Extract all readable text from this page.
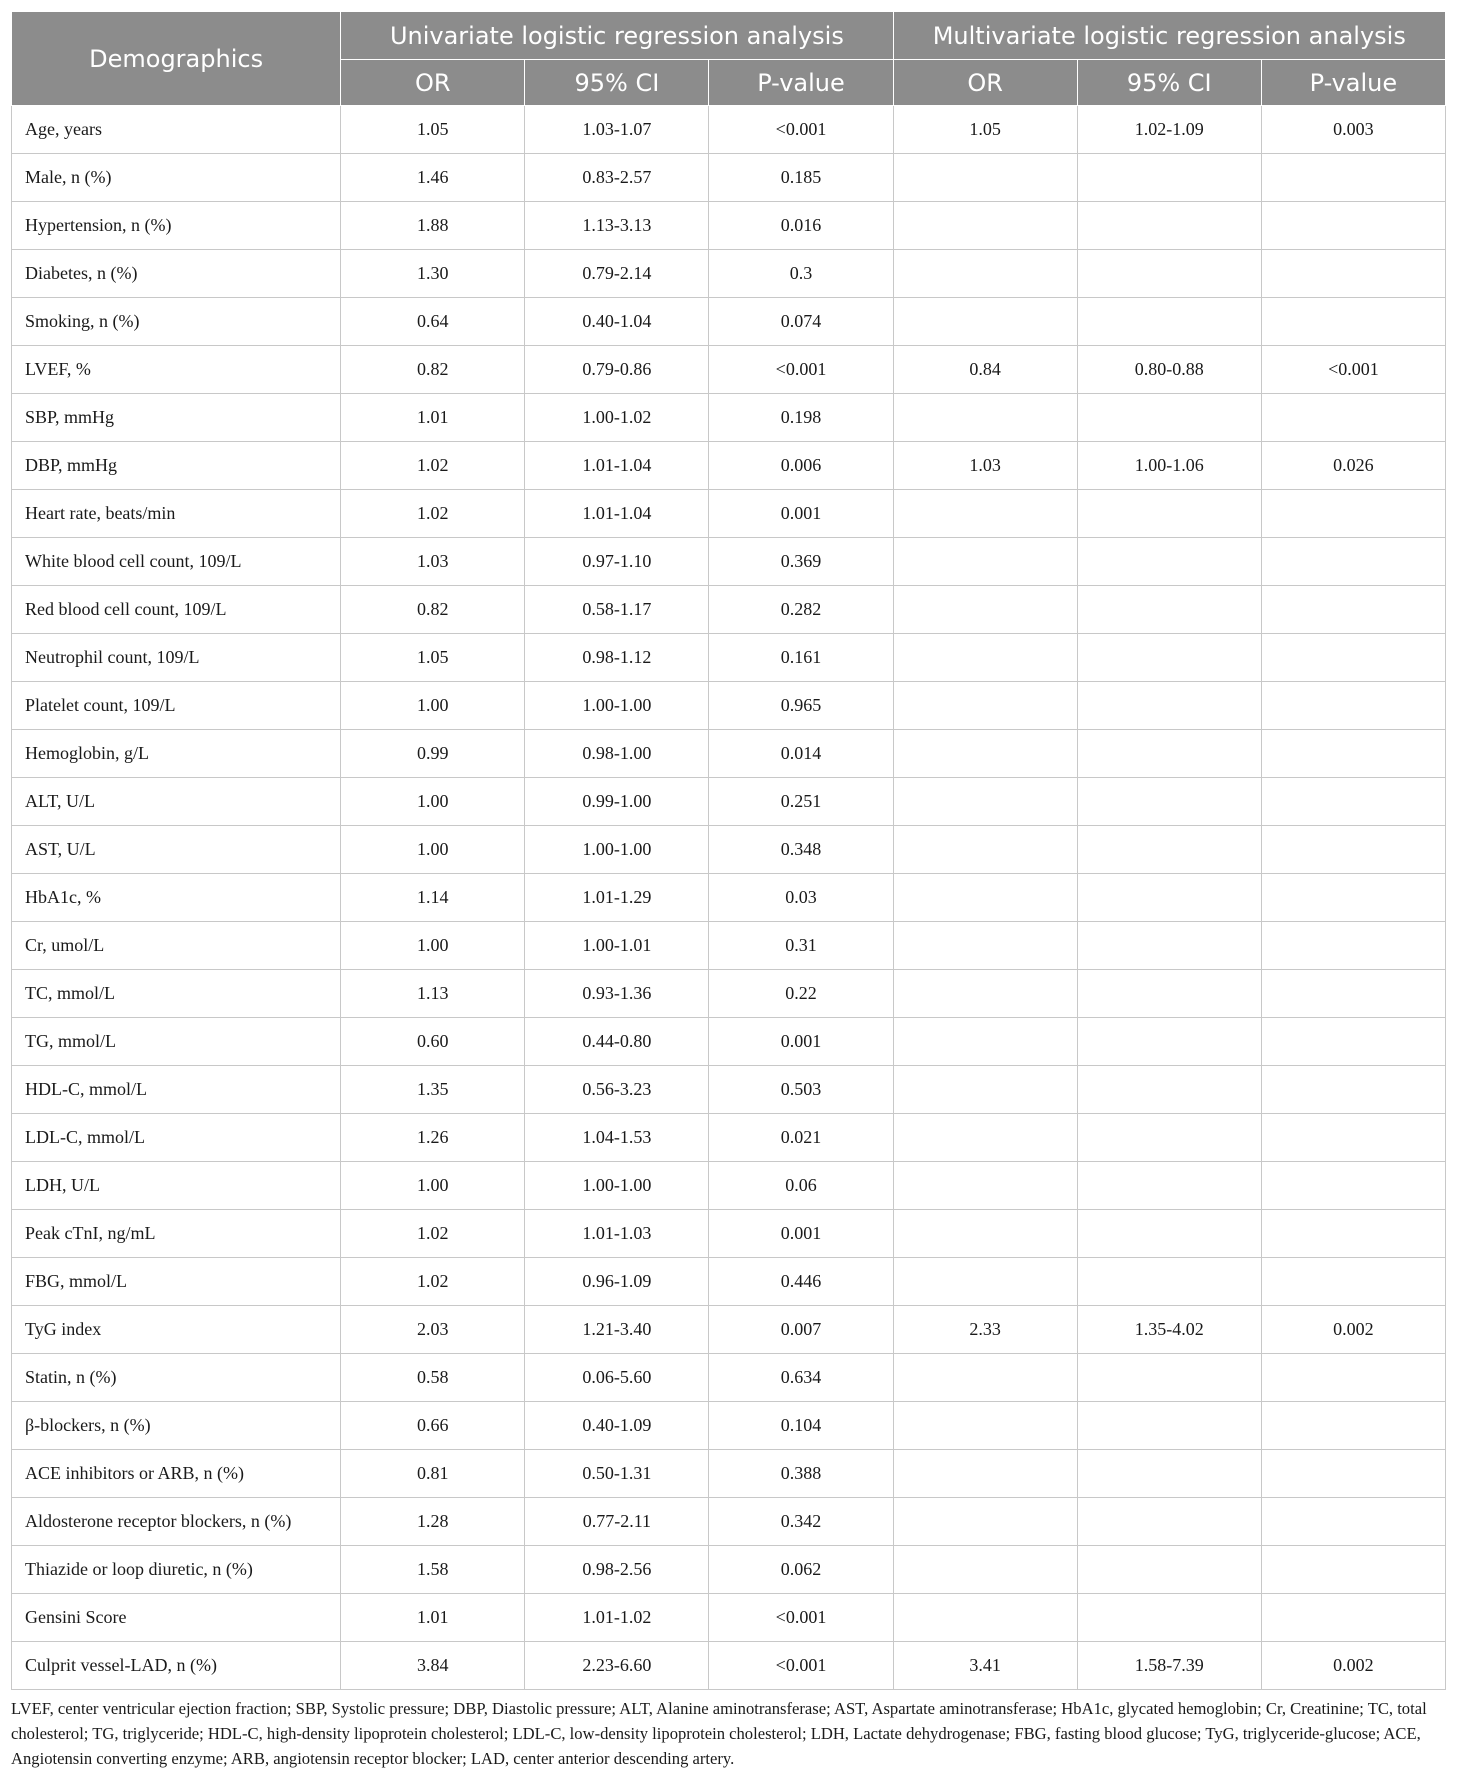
Demographics	Univariate logistic regression analysis			Multivariate logistic regression analysis		
	OR	95% CI	P-value	OR	95% CI	P-value
Age, years	1.05	1.03-1.07	<0.001	1.05	1.02-1.09	0.003
Male, n (%)	1.46	0.83-2.57	0.185			
Hypertension, n (%)	1.88	1.13-3.13	0.016			
Diabetes, n (%)	1.30	0.79-2.14	0.3			
Smoking, n (%)	0.64	0.40-1.04	0.074			
LVEF, %	0.82	0.79-0.86	<0.001	0.84	0.80-0.88	<0.001
SBP, mmHg	1.01	1.00-1.02	0.198			
DBP, mmHg	1.02	1.01-1.04	0.006	1.03	1.00-1.06	0.026
Heart rate, beats/min	1.02	1.01-1.04	0.001			
White blood cell count, 109/L	1.03	0.97-1.10	0.369			
Red blood cell count, 109/L	0.82	0.58-1.17	0.282			
Neutrophil count, 109/L	1.05	0.98-1.12	0.161			
Platelet count, 109/L	1.00	1.00-1.00	0.965			
Hemoglobin, g/L	0.99	0.98-1.00	0.014			
ALT, U/L	1.00	0.99-1.00	0.251			
AST, U/L	1.00	1.00-1.00	0.348			
HbA1c, %	1.14	1.01-1.29	0.03			
Cr, umol/L	1.00	1.00-1.01	0.31			
TC, mmol/L	1.13	0.93-1.36	0.22			
TG, mmol/L	0.60	0.44-0.80	0.001			
HDL-C, mmol/L	1.35	0.56-3.23	0.503			
LDL-C, mmol/L	1.26	1.04-1.53	0.021			
LDH, U/L	1.00	1.00-1.00	0.06			
Peak cTnI, ng/mL	1.02	1.01-1.03	0.001			
FBG, mmol/L	1.02	0.96-1.09	0.446			
TyG index	2.03	1.21-3.40	0.007	2.33	1.35-4.02	0.002
Statin, n (%)	0.58	0.06-5.60	0.634			
β-blockers, n (%)	0.66	0.40-1.09	0.104			
ACE inhibitors or ARB, n (%)	0.81	0.50-1.31	0.388			
Aldosterone receptor blockers, n (%)	1.28	0.77-2.11	0.342			
Thiazide or loop diuretic, n (%)	1.58	0.98-2.56	0.062			
Gensini Score	1.01	1.01-1.02	<0.001			
Culprit vessel-LAD, n (%)	3.84	2.23-6.60	<0.001	3.41	1.58-7.39	0.002
LVEF, center ventricular ejection fraction; SBP, Systolic pressure; DBP, Diastolic pressure; ALT, Alanine aminotransferase; AST, Aspartate aminotransferase; HbA1c, glycated hemoglobin; Cr, Creatinine; TC, total cholesterol; TG, triglyceride; HDL-C, high-density lipoprotein cholesterol; LDL-C, low-density lipoprotein cholesterol; LDH, Lactate dehydrogenase; FBG, fasting blood glucose; TyG, triglyceride-glucose; ACE, Angiotensin converting enzyme; ARB, angiotensin receptor blocker; LAD, center anterior descending artery.
